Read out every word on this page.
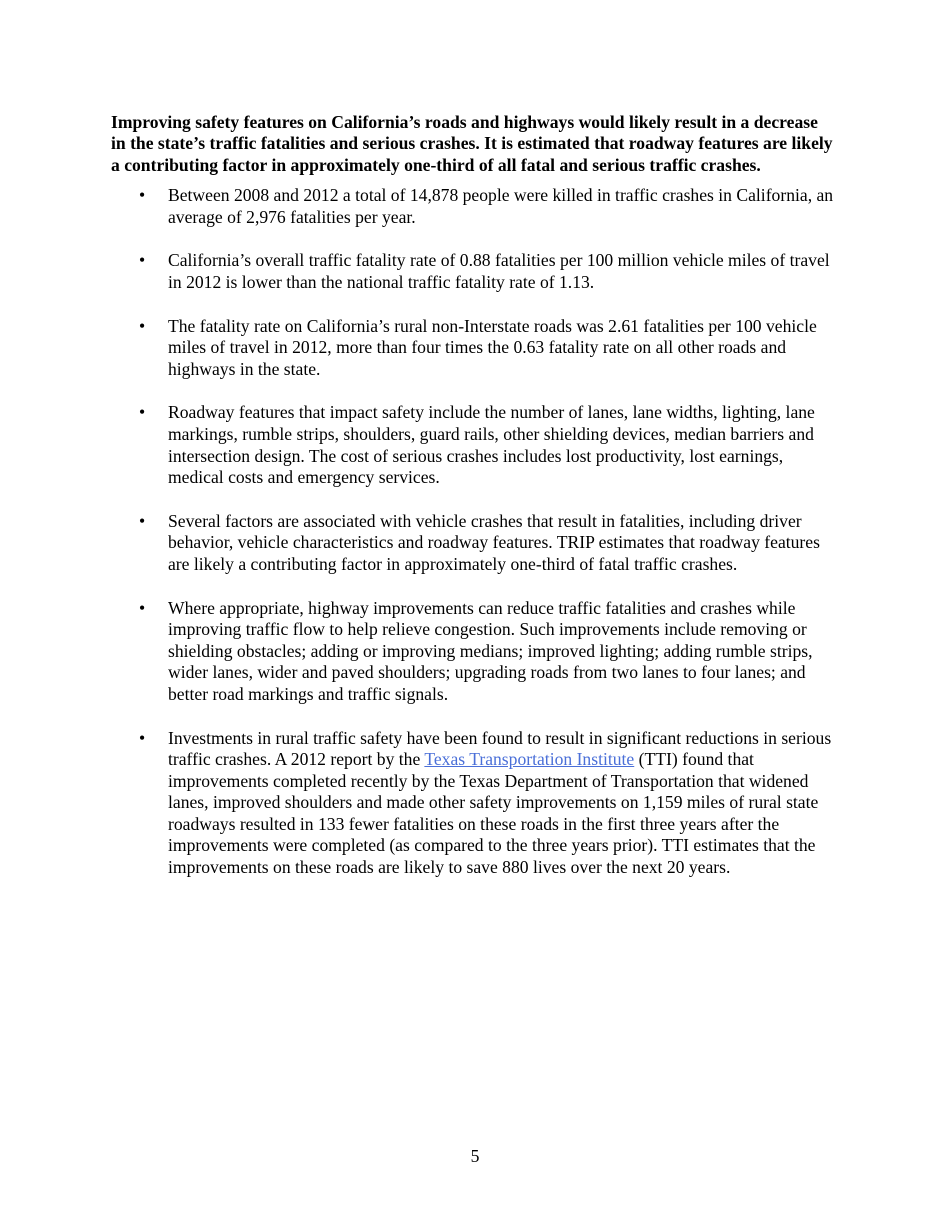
Improving safety features on California’s roads and highways would likely result in a decrease in the state’s traffic fatalities and serious crashes. It is estimated that roadway features are likely a contributing factor in approximately one-third of all fatal and serious traffic crashes.

• Between 2008 and 2012 a total of 14,878 people were killed in traffic crashes in California, an average of 2,976 fatalities per year.
• California’s overall traffic fatality rate of 0.88 fatalities per 100 million vehicle miles of travel in 2012 is lower than the national traffic fatality rate of 1.13.
• The fatality rate on California’s rural non-Interstate roads was 2.61 fatalities per 100 vehicle miles of travel in 2012, more than four times the 0.63 fatality rate on all other roads and highways in the state.
• Roadway features that impact safety include the number of lanes, lane widths, lighting, lane markings, rumble strips, shoulders, guard rails, other shielding devices, median barriers and intersection design. The cost of serious crashes includes lost productivity, lost earnings, medical costs and emergency services.
• Several factors are associated with vehicle crashes that result in fatalities, including driver behavior, vehicle characteristics and roadway features. TRIP estimates that roadway features are likely a contributing factor in approximately one-third of fatal traffic crashes.
• Where appropriate, highway improvements can reduce traffic fatalities and crashes while improving traffic flow to help relieve congestion. Such improvements include removing or shielding obstacles; adding or improving medians; improved lighting; adding rumble strips, wider lanes, wider and paved shoulders; upgrading roads from two lanes to four lanes; and better road markings and traffic signals.
• Investments in rural traffic safety have been found to result in significant reductions in serious traffic crashes. A 2012 report by the Texas Transportation Institute (TTI) found that improvements completed recently by the Texas Department of Transportation that widened lanes, improved shoulders and made other safety improvements on 1,159 miles of rural state roadways resulted in 133 fewer fatalities on these roads in the first three years after the improvements were completed (as compared to the three years prior). TTI estimates that the improvements on these roads are likely to save 880 lives over the next 20 years.
5
